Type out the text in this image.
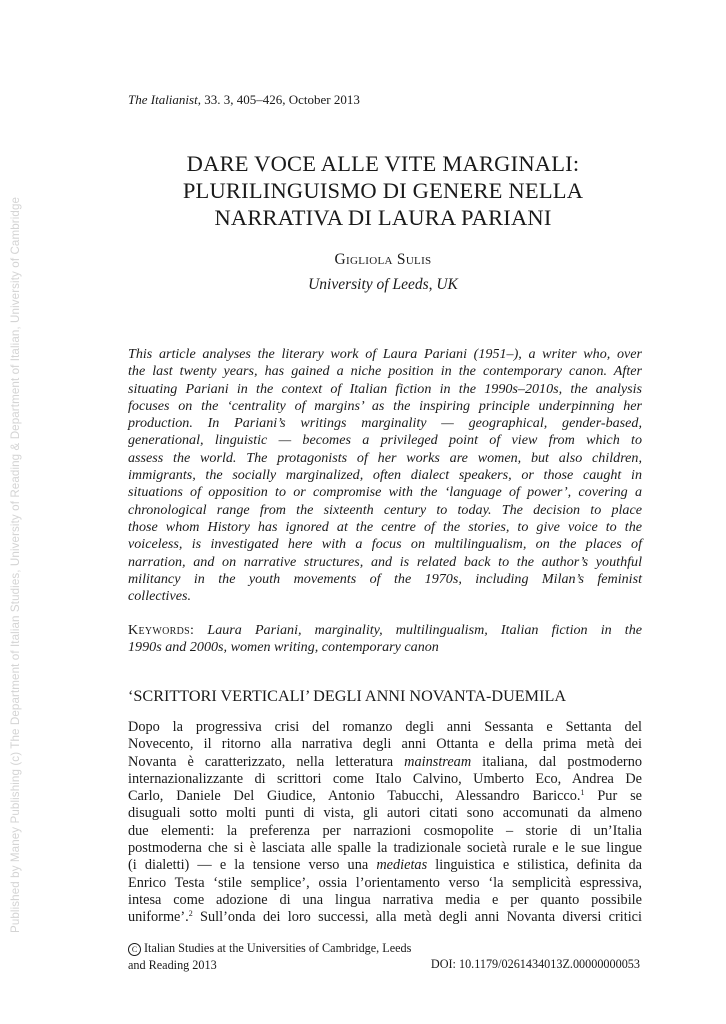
Published by Maney Publishing (c) The Department of Italian Studies, University of Reading & Department of Italian, University of Cambridge
The Italianist, 33. 3, 405–426, October 2013
DARE VOCE ALLE VITE MARGINALI:
PLURILINGUISMO DI GENERE NELLA
NARRATIVA DI LAURA PARIANI
Gigliola Sulis
University of Leeds, UK
This article analyses the literary work of Laura Pariani (1951–), a writer who, over
the last twenty years, has gained a niche position in the contemporary canon. After
situating Pariani in the context of Italian fiction in the 1990s–2010s, the analysis
focuses on the ‘centrality of margins’ as the inspiring principle underpinning her
production. In Pariani’s writings marginality — geographical, gender-based,
generational, linguistic — becomes a privileged point of view from which to
assess the world. The protagonists of her works are women, but also children,
immigrants, the socially marginalized, often dialect speakers, or those caught in
situations of opposition to or compromise with the ‘language of power’, covering a
chronological range from the sixteenth century to today. The decision to place
those whom History has ignored at the centre of the stories, to give voice to the
voiceless, is investigated here with a focus on multilingualism, on the places of
narration, and on narrative structures, and is related back to the author’s youthful
militancy in the youth movements of the 1970s, including Milan’s feminist
collectives.
Keywords: Laura Pariani, marginality, multilingualism, Italian fiction in the
1990s and 2000s, women writing, contemporary canon
‘SCRITTORI VERTICALI’ DEGLI ANNI NOVANTA-DUEMILA
Dopo la progressiva crisi del romanzo degli anni Sessanta e Settanta del
Novecento, il ritorno alla narrativa degli anni Ottanta e della prima metà dei
Novanta è caratterizzato, nella letteratura mainstream italiana, dal postmoderno
internazionalizzante di scrittori come Italo Calvino, Umberto Eco, Andrea De
Carlo, Daniele Del Giudice, Antonio Tabucchi, Alessandro Baricco.$^1$ Pur se
disuguali sotto molti punti di vista, gli autori citati sono accomunati da almeno
due elementi: la preferenza per narrazioni cosmopolite – storie di un’Italia
postmoderna che si è lasciata alle spalle la tradizionale società rurale e le sue lingue
(i dialetti) — e la tensione verso una medietas linguistica e stilistica, definita da
Enrico Testa ‘stile semplice’, ossia l’orientamento verso ‘la semplicità espressiva,
intesa come adozione di una lingua narrativa media e per quanto possibile
uniforme’.$^2$ Sull’onda dei loro successi, alla metà degli anni Novanta diversi critici
C Italian Studies at the Universities of Cambridge, Leeds
and Reading 2013	DOI: 10.1179/0261434013Z.00000000053
